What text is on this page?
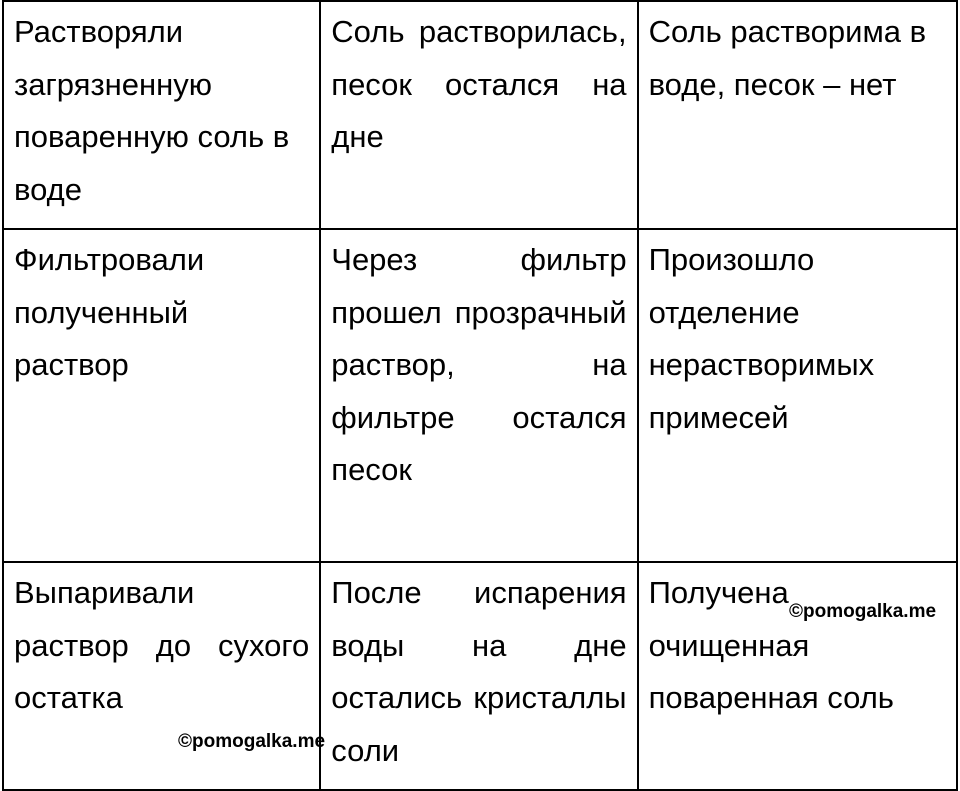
Растворяли загрязненную поваренную соль в воде	Соль растворилась, песок остался на дне	Соль растворима в воде, песок – нет

Фильтровали полученный раствор	Через фильтр прошел прозрачный раствор, на фильтре остался песок	Произошло отделение нерастворимых примесей

Выпаривали раствор до сухого остатка	После испарения воды на дне остались кристаллы соли	Получена очищенная поваренная соль
©pomogalka.me
©pomogalka.me
